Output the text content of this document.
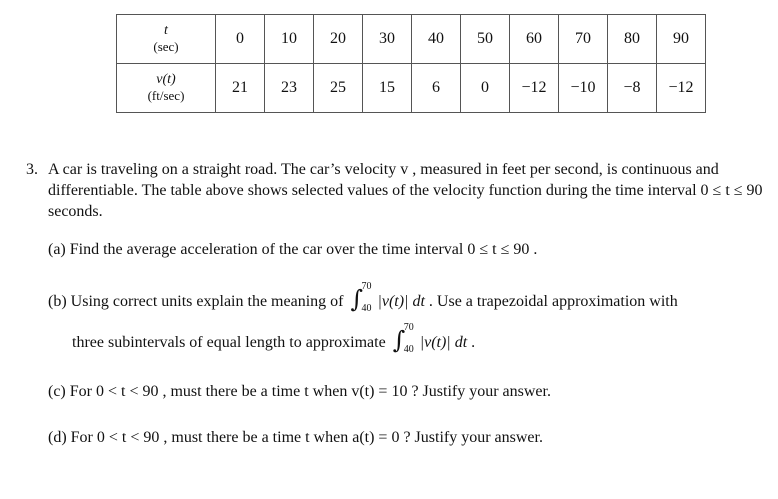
t
(sec)	0	10	20	30	40	50	60	70	80	90

v(t)
(ft/sec)	21	23	25	15	6	0	−12	−10	−8	−12
3. A car is traveling on a straight road. The car’s velocity v , measured in feet per second, is continuous and differentiable. The table above shows selected values of the velocity function during the time interval 0 ≤ t ≤ 90 seconds.
(a) Find the average acceleration of the car over the time interval 0 ≤ t ≤ 90 .
(b) Using correct units explain the meaning of ∫
70
40 |v(t)| dt . Use a trapezoidal approximation with
three subintervals of equal length to approximate ∫
70
40 |v(t)| dt .
(c) For 0 < t < 90 , must there be a time t when v(t) = 10 ? Justify your answer.
(d) For 0 < t < 90 , must there be a time t when a(t) = 0 ? Justify your answer.
